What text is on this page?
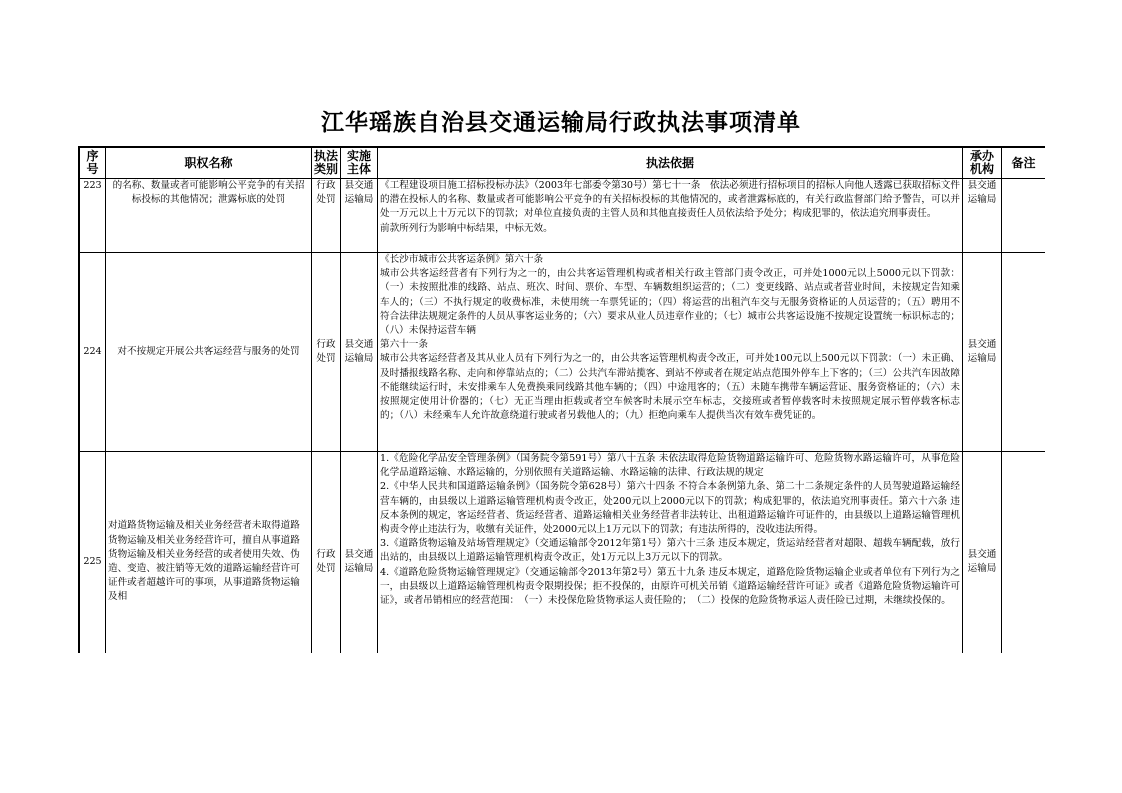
江华瑶族自治县交通运输局行政执法事项清单
序号	职权名称	执法类别	实施主体	执法依据	承办机构	备注
223	的名称、数量或者可能影响公平竞争的有关招标投标的其他情况；泄露标底的处罚	行政处罚	县交通运输局	《工程建设项目施工招标投标办法》（2003年七部委令第30号）第七十一条　依法必须进行招标项目的招标人向他人透露已获取招标文件的潜在投标人的名称、数量或者可能影响公平竞争的有关招标投标的其他情况的，或者泄露标底的，有关行政监督部门给予警告，可以并处一万元以上十万元以下的罚款；对单位直接负责的主管人员和其他直接责任人员依法给予处分；构成犯罪的，依法追究刑事责任。

前款所列行为影响中标结果，中标无效。	县交通运输局	
224	对不按规定开展公共客运经营与服务的处罚	行政处罚	县交通运输局	《长沙市城市公共客运条例》第六十条

城市公共客运经营者有下列行为之一的，由公共客运管理机构或者相关行政主管部门责令改正，可并处1000元以上5000元以下罚款：（一）未按照批准的线路、站点、班次、时间、票价、车型、车辆数组织运营的；（二）变更线路、站点或者营业时间，未按规定告知乘车人的；（三）不执行规定的收费标准，未使用统一车票凭证的；（四）将运营的出租汽车交与无服务资格证的人员运营的；（五）聘用不符合法律法规规定条件的人员从事客运业务的；（六）要求从业人员违章作业的；（七）城市公共客运设施不按规定设置统一标识标志的；（八）未保持运营车辆

第六十一条

城市公共客运经营者及其从业人员有下列行为之一的，由公共客运管理机构责令改正，可并处100元以上500元以下罚款：（一）未正确、及时播报线路名称、走向和停靠站点的；（二）公共汽车滞站揽客、到站不停或者在规定站点范围外停车上下客的；（三）公共汽车因故障不能继续运行时，未安排乘车人免费换乘同线路其他车辆的；（四）中途甩客的；（五）未随车携带车辆运营证、服务资格证的；（六）未按照规定使用计价器的；（七）无正当理由拒载或者空车候客时未展示空车标志，交接班或者暂停载客时未按照规定展示暂停载客标志的；（八）未经乘车人允许故意绕道行驶或者另载他人的；（九）拒绝向乘车人提供当次有效车费凭证的。	县交通运输局	
225	对道路货物运输及相关业务经营者未取得道路货物运输及相关业务经营许可，擅自从事道路货物运输及相关业务经营的或者使用失效、伪造、变造、被注销等无效的道路运输经营许可证件或者超越许可的事项，从事道路货物运输及相	行政处罚	县交通运输局	1.《危险化学品安全管理条例》（国务院令第591号）第八十五条 未依法取得危险货物道路运输许可、危险货物水路运输许可，从事危险化学品道路运输、水路运输的，分别依照有关道路运输、水路运输的法律、行政法规的规定

2.《中华人民共和国道路运输条例》（国务院令第628号）第六十四条 不符合本条例第九条、第二十二条规定条件的人员驾驶道路运输经营车辆的，由县级以上道路运输管理机构责令改正，处200元以上2000元以下的罚款；构成犯罪的，依法追究刑事责任。第六十六条 违反本条例的规定，客运经营者、货运经营者、道路运输相关业务经营者非法转让、出租道路运输许可证件的，由县级以上道路运输管理机构责令停止违法行为，收缴有关证件，处2000元以上1万元以下的罚款；有违法所得的，没收违法所得。

3.《道路货物运输及站场管理规定》（交通运输部令2012年第1号）第六十三条 违反本规定，货运站经营者对超限、超载车辆配载，放行出站的，由县级以上道路运输管理机构责令改正，处1万元以上3万元以下的罚款。

4.《道路危险货物运输管理规定》（交通运输部令2013年第2号）第五十九条 违反本规定，道路危险货物运输企业或者单位有下列行为之一，由县级以上道路运输管理机构责令限期投保；拒不投保的，由原许可机关吊销《道路运输经营许可证》或者《道路危险货物运输许可证》，或者吊销相应的经营范围：　（一）未投保危险货物承运人责任险的；　（二）投保的危险货物承运人责任险已过期，未继续投保的。	县交通运输局	
